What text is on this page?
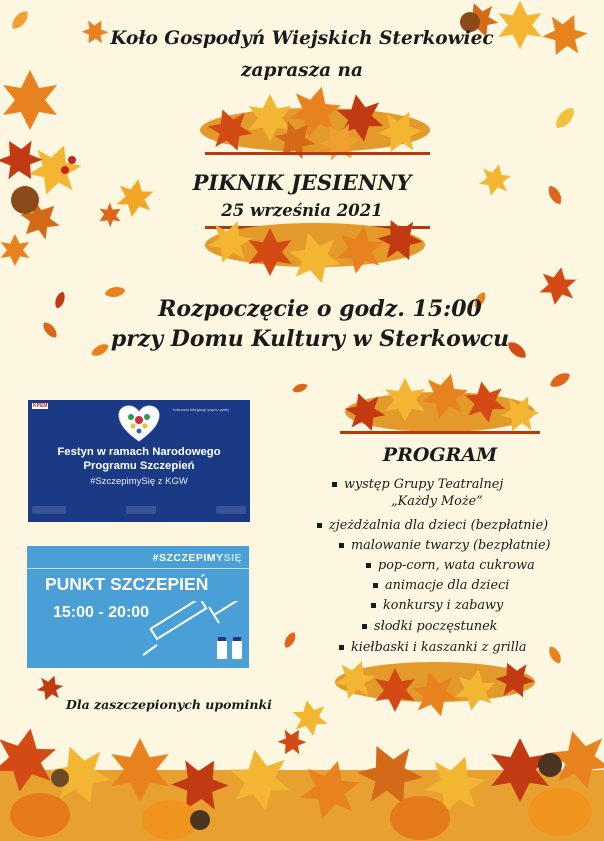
Koło Gospodyń Wiejskich Sterkowiec
zaprasza na
PIKNIK JESIENNY
25 września 2021
Rozpoczęcie o godz. 15:00
przy Domu Kultury w Sterkowcu
KPEM
Łokunow integracji ywynu ywiej
Festyn w ramach Narodowego
Programu Szczepień
#SzczepimySię z KGW
#SZCZEPIMYSIĘ
PUNKT SZCZEPIEŃ
15:00 - 20:00
PROGRAM
występ Grupy Teatralnej
„Każdy Może”
zjeżdżalnia dla dzieci (bezpłatnie)
malowanie twarzy (bezpłatnie)
pop-corn, wata cukrowa
animacje dla dzieci
konkursy i zabawy
słodki poczęstunek
kiełbaski i kaszanki z grilla
Dla zaszczepionych upominki
